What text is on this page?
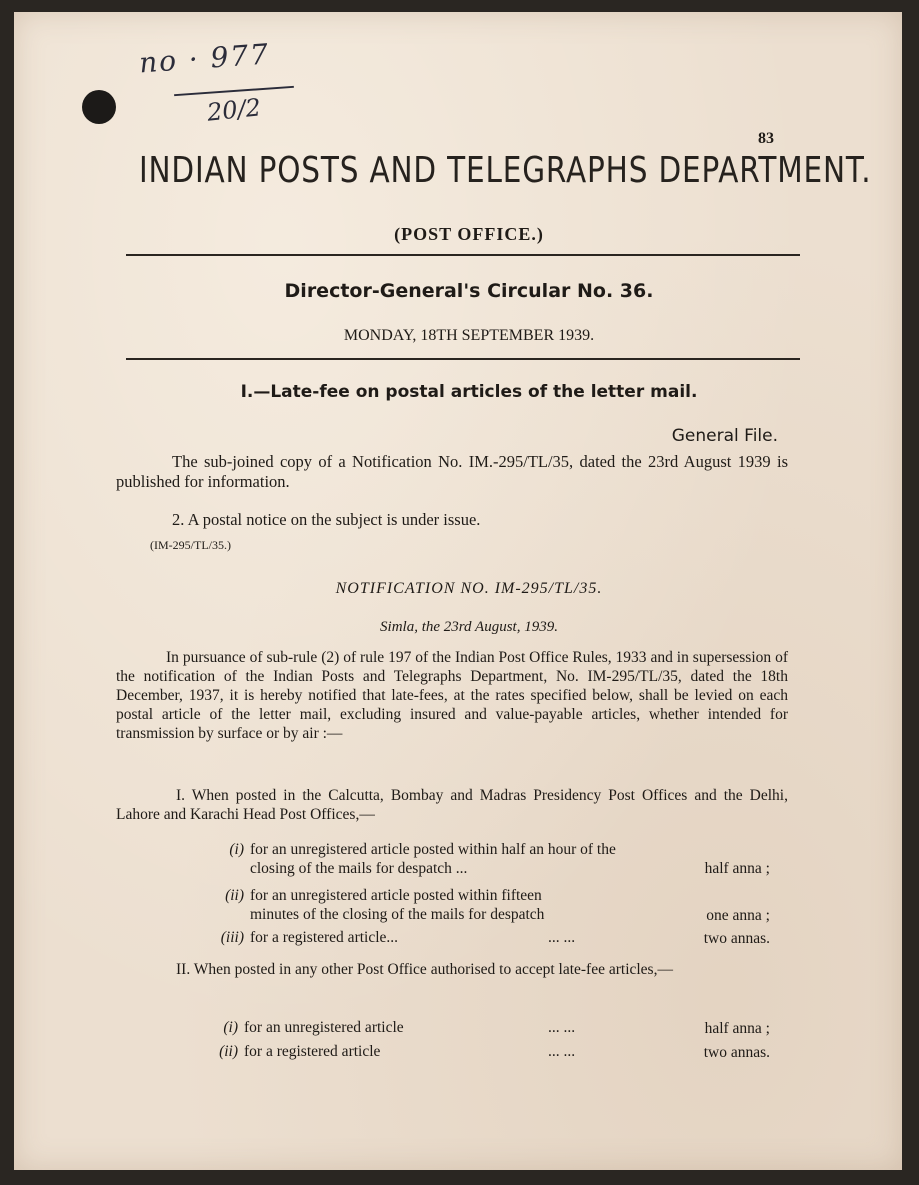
no · 977
20/2
83
INDIAN POSTS AND TELEGRAPHS DEPARTMENT.
(POST OFFICE.)
Director-General's Circular No. 36.
MONDAY, 18TH SEPTEMBER 1939.
I.—Late-fee on postal articles of the letter mail.
General File.
The sub-joined copy of a Notification No. IM.-295/TL/35, dated the 23rd August 1939 is published for information.
2. A postal notice on the subject is under issue.
(IM-295/TL/35.)
NOTIFICATION NO. IM-295/TL/35.
Simla, the 23rd August, 1939.
In pursuance of sub-rule (2) of rule 197 of the Indian Post Office Rules, 1933 and in supersession of the notification of the Indian Posts and Telegraphs Department, No. IM-295/TL/35, dated the 18th December, 1937, it is hereby notified that late-fees, at the rates specified below, shall be levied on each postal article of the letter mail, excluding insured and value-payable articles, whether intended for transmission by surface or by air :—
I. When posted in the Calcutta, Bombay and Madras Presidency Post Offices and the Delhi, Lahore and Karachi Head Post Offices,—
(i) for an unregistered article posted within half an hour of the
closing of the mails for despatch ...	half anna ;
(ii) for an unregistered article posted within fifteen
minutes of the closing of the mails for despatch	one anna ;
(iii) for a registered article...	... ...	two annas.
II. When posted in any other Post Office authorised to accept late-fee articles,—
(i) for an unregistered article	... ...	half anna ;
(ii) for a registered article	... ...	two annas.
